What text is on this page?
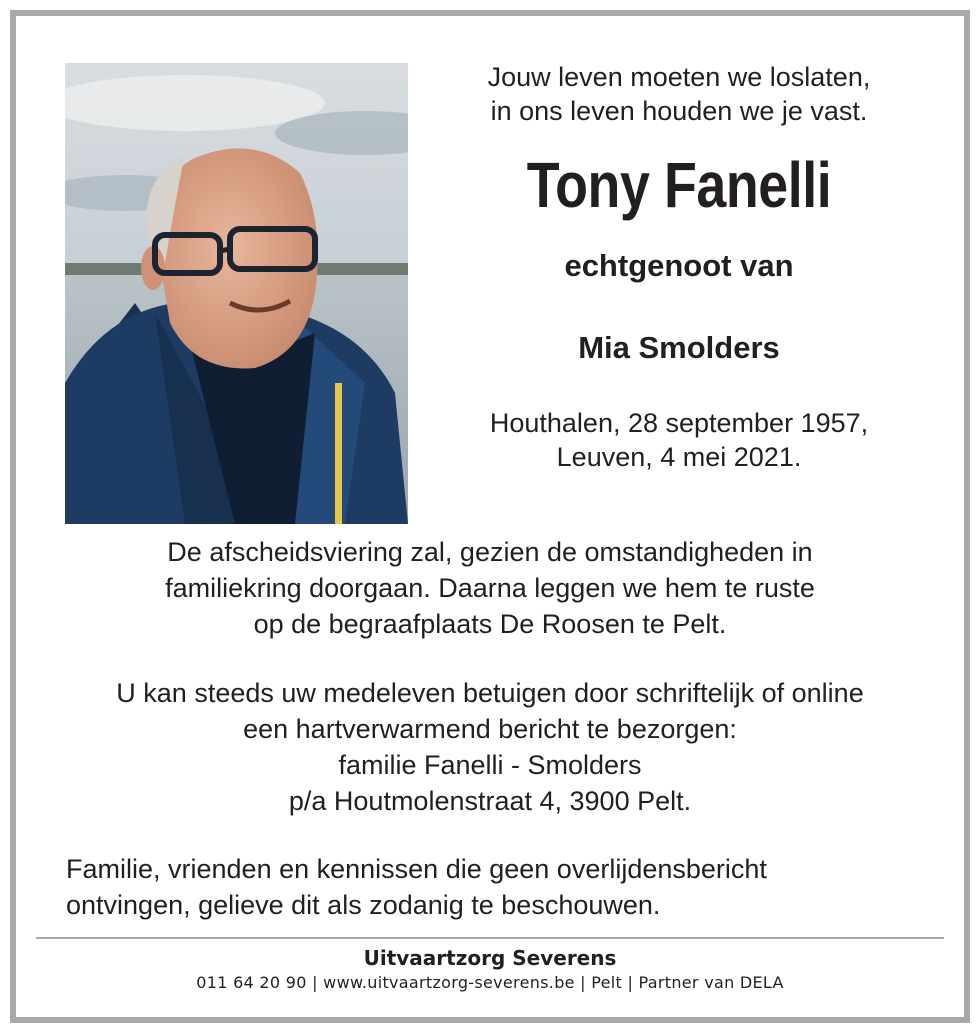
Jouw leven moeten we loslaten,
in ons leven houden we je vast.
Tony Fanelli
echtgenoot van
Mia Smolders
Houthalen, 28 september 1957,
Leuven, 4 mei 2021.
De afscheidsviering zal, gezien de omstandigheden in
familiekring doorgaan. Daarna leggen we hem te ruste
op de begraafplaats De Roosen te Pelt.
U kan steeds uw medeleven betuigen door schriftelijk of online
een hartverwarmend bericht te bezorgen:
familie Fanelli - Smolders
p/a Houtmolenstraat 4, 3900 Pelt.
Familie, vrienden en kennissen die geen overlijdensbericht
ontvingen, gelieve dit als zodanig te beschouwen.
Uitvaartzorg Severens
011 64 20 90 | www.uitvaartzorg-severens.be | Pelt | Partner van DELA
